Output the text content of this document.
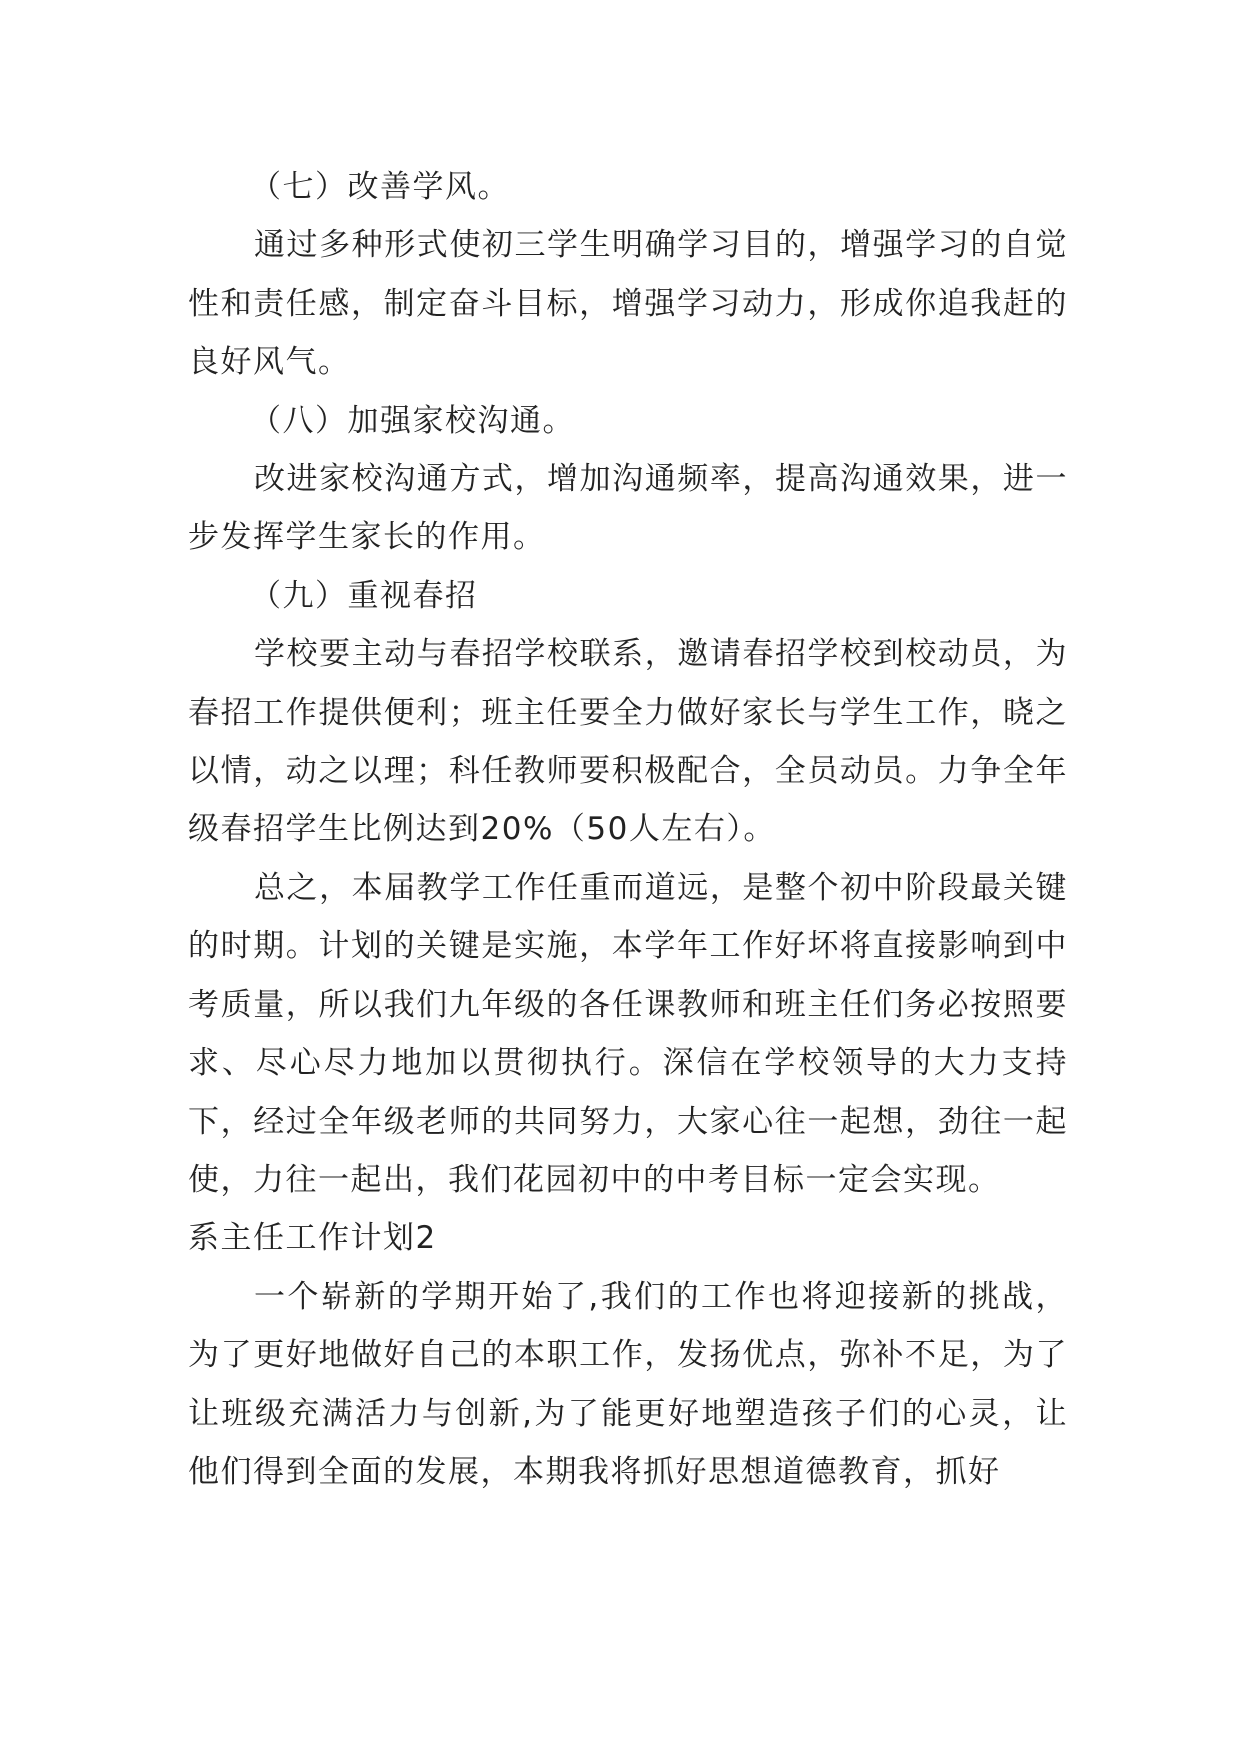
（七）改善学风。

通过多种形式使初三学生明确学习目的，增强学习的自觉性和责任感，制定奋斗目标，增强学习动力，形成你追我赶的良好风气。

（八）加强家校沟通。

改进家校沟通方式，增加沟通频率，提高沟通效果，进一步发挥学生家长的作用。

（九）重视春招

学校要主动与春招学校联系，邀请春招学校到校动员，为春招工作提供便利；班主任要全力做好家长与学生工作，晓之以情，动之以理；科任教师要积极配合，全员动员。力争全年级春招学生比例达到20%（50人左右）。

总之，本届教学工作任重而道远，是整个初中阶段最关键的时期。计划的关键是实施，本学年工作好坏将直接影响到中考质量，所以我们九年级的各任课教师和班主任们务必按照要求、尽心尽力地加以贯彻执行。深信在学校领导的大力支持下，经过全年级老师的共同努力，大家心往一起想，劲往一起使，力往一起出，我们花园初中的中考目标一定会实现。

系主任工作计划2

一个崭新的学期开始了,我们的工作也将迎接新的挑战，为了更好地做好自己的本职工作，发扬优点，弥补不足，为了让班级充满活力与创新,为了能更好地塑造孩子们的心灵，让他们得到全面的发展，本期我将抓好思想道德教育，抓好
